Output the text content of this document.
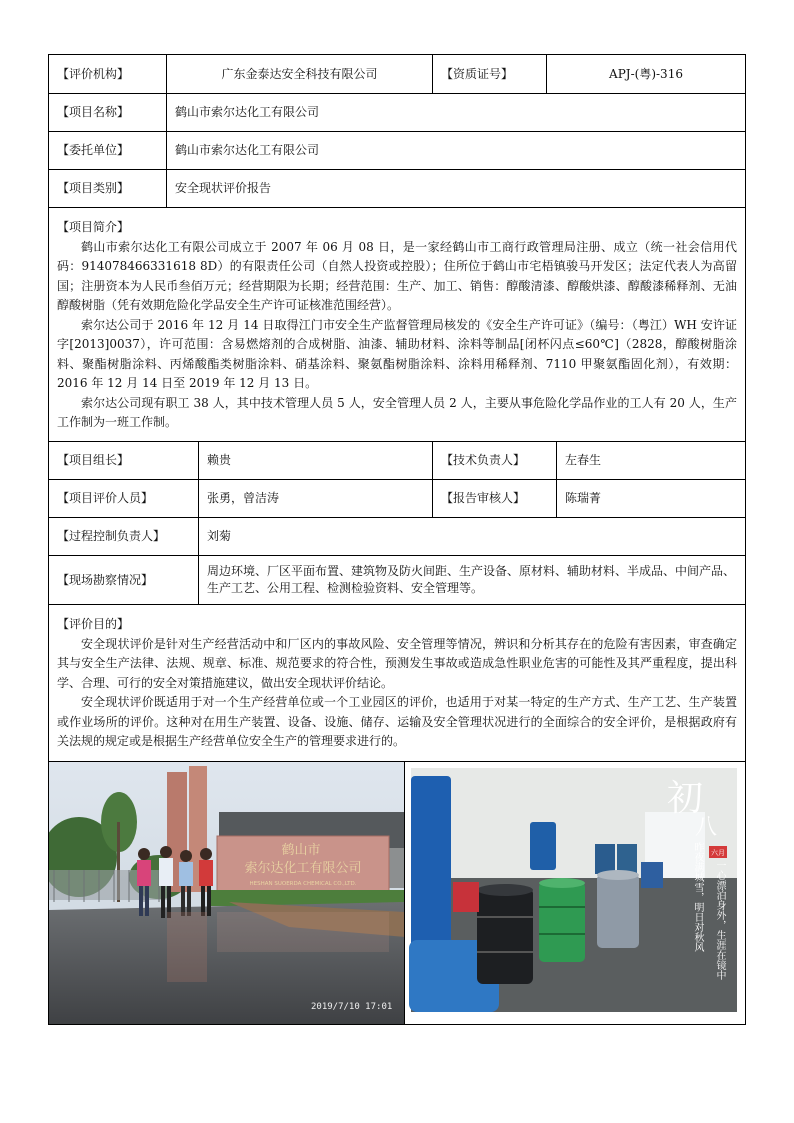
【评价机构】	广东金泰达安全科技有限公司	【资质证号】	APJ-(粤)-316
【项目名称】	鹤山市索尔达化工有限公司
【委托单位】	鹤山市索尔达化工有限公司
【项目类别】	安全现状评价报告
【项目简介】

鹤山市索尔达化工有限公司成立于 2007 年 06 月 08 日，是一家经鹤山市工商行政管理局注册、成立（统一社会信用代码：914078466331618 8D）的有限责任公司（自然人投资或控股）；住所位于鹤山市宅梧镇骏马开发区；法定代表人为高留国；注册资本为人民币叁佰万元；经营期限为长期；经营范围：生产、加工、销售：醇酸清漆、醇酸烘漆、醇酸漆稀释剂、无油醇酸树脂（凭有效期危险化学品安全生产许可证核准范围经营）。

索尔达公司于 2016 年 12 月 14 日取得江门市安全生产监督管理局核发的《安全生产许可证》（编号：（粤江）WH 安许证字[2013]0037），许可范围：含易燃熔剂的合成树脂、油漆、辅助材料、涂料等制品[闭杯闪点≤60℃]（2828，醇酸树脂涂料、聚酯树脂涂料、丙烯酸酯类树脂涂料、硝基涂料、聚氨酯树脂涂料、涂料用稀释剂、7110 甲聚氨酯固化剂），有效期：2016 年 12 月 14 日至 2019 年 12 月 13 日。

索尔达公司现有职工 38 人，其中技术管理人员 5 人，安全管理人员 2 人，主要从事危险化学品作业的工人有 20 人，生产工作制为一班工作制。

【项目组长】	赖贵	【技术负责人】	左春生
【项目评价人员】	张勇，曾洁涛	【报告审核人】	陈瑞菁
【过程控制负责人】	刘菊
【现场勘察情况】
周边环境、厂区平面布置、建筑物及防火间距、生产设备、原材料、辅助材料、半成品、中间产品、生产工艺、公用工程、检测检验资料、安全管理等。
【评价目的】

安全现状评价是针对生产经营活动中和厂区内的事故风险、安全管理等情况，辨识和分析其存在的危险有害因素，审查确定其与安全生产法律、法规、规章、标准、规范要求的符合性，预测发生事故或造成急性职业危害的可能性及其严重程度，提出科学、合理、可行的安全对策措施建议，做出安全现状评价结论。

安全现状评价既适用于对一个生产经营单位或一个工业园区的评价，也适用于对某一特定的生产方式、生产工艺、生产装置或作业场所的评价。这种对在用生产装置、设备、设施、储存、运输及安全管理状况进行的全面综合的安全评价，是根据政府有关法规的规定或是根据生产经营单位安全生产的管理要求进行的。

鹤山市
索尔达化工有限公司
HESHAN SUOERDA CHEMICAL CO.,LTD.
2019/7/10 17:01
初
八
六月
一心漂泊身外，生涯在镜中
昨夜满城雪，明日对秋风
